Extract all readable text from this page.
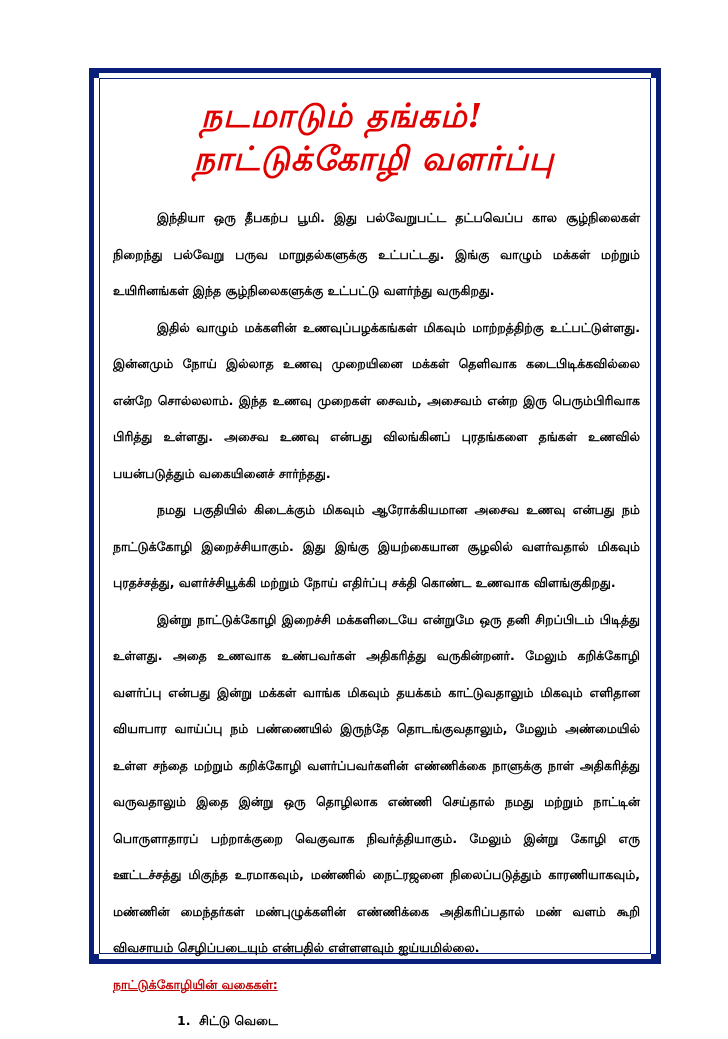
நடமாடும் தங்கம்!
நாட்டுக்கோழி வளர்ப்பு

இந்தியா ஒரு தீபகற்ப பூமி. இது பல்வேறுபட்ட தட்பவெப்ப கால சூழ்நிலைகள் நிறைந்து பல்வேறு பருவ மாறுதல்களுக்கு உட்பட்டது. இங்கு வாழும் மக்கள் மற்றும் உயிரினங்கள் இந்த சூழ்நிலைகளுக்கு உட்பட்டு வளர்ந்து வருகிறது.

இதில் வாழும் மக்களின் உணவுப்பழக்கங்கள் மிகவும் மாற்றத்திற்கு உட்பட்டுள்ளது. இன்னமும் நோய் இல்லாத உணவு முறையினை மக்கள் தெளிவாக கடைபிடிக்கவில்லை என்றே சொல்லலாம். இந்த உணவு முறைகள் சைவம், அசைவம் என்ற இரு பெரும்பிரிவாக பிரித்து உள்ளது. அசைவ உணவு என்பது விலங்கினப் புரதங்களை தங்கள் உணவில் பயன்படுத்தும் வகையினைச் சார்ந்தது.

நமது பகுதியில் கிடைக்கும் மிகவும் ஆரோக்கியமான அசைவ உணவு என்பது நம் நாட்டுக்கோழி இறைச்சியாகும். இது இங்கு இயற்கையான சூழலில் வளர்வதால் மிகவும் புரதச்சத்து, வளர்ச்சியூக்கி மற்றும் நோய் எதிர்ப்பு சக்தி கொண்ட உணவாக விளங்குகிறது.

இன்று நாட்டுக்கோழி இறைச்சி மக்களிடையே என்றுமே ஒரு தனி சிறப்பிடம் பிடித்து உள்ளது. அதை உணவாக உண்பவர்கள் அதிகரித்து வருகின்றனர். மேலும் கறிக்கோழி வளர்ப்பு என்பது இன்று மக்கள் வாங்க மிகவும் தயக்கம் காட்டுவதாலும் மிகவும் எளிதான வியாபார வாய்ப்பு நம் பண்ணையில் இருந்தே தொடங்குவதாலும், மேலும் அண்மையில் உள்ள சந்தை மற்றும் கறிக்கோழி வளர்ப்பவர்களின் எண்ணிக்கை நாளுக்கு நாள் அதிகரித்து வருவதாலும் இதை இன்று ஒரு தொழிலாக எண்ணி செய்தால் நமது மற்றும் நாட்டின் பொருளாதாரப் பற்றாக்குறை வெகுவாக நிவர்த்தியாகும். மேலும் இன்று கோழி எரு ஊட்டச்சத்து மிகுந்த உரமாகவும், மண்ணில் நைட்ரஜனை நிலைப்படுத்தும் காரணியாகவும், மண்ணின் மைந்தர்கள் மண்புழுக்களின் எண்ணிக்கை அதிகரிப்பதால் மண் வளம் கூறி விவசாயம் செழிப்படையும் என்பதில் எள்ளளவும் ஐய்யமில்லை.

நாட்டுக்கோழியின் வகைகள்:

1. சிட்டு வெடை
